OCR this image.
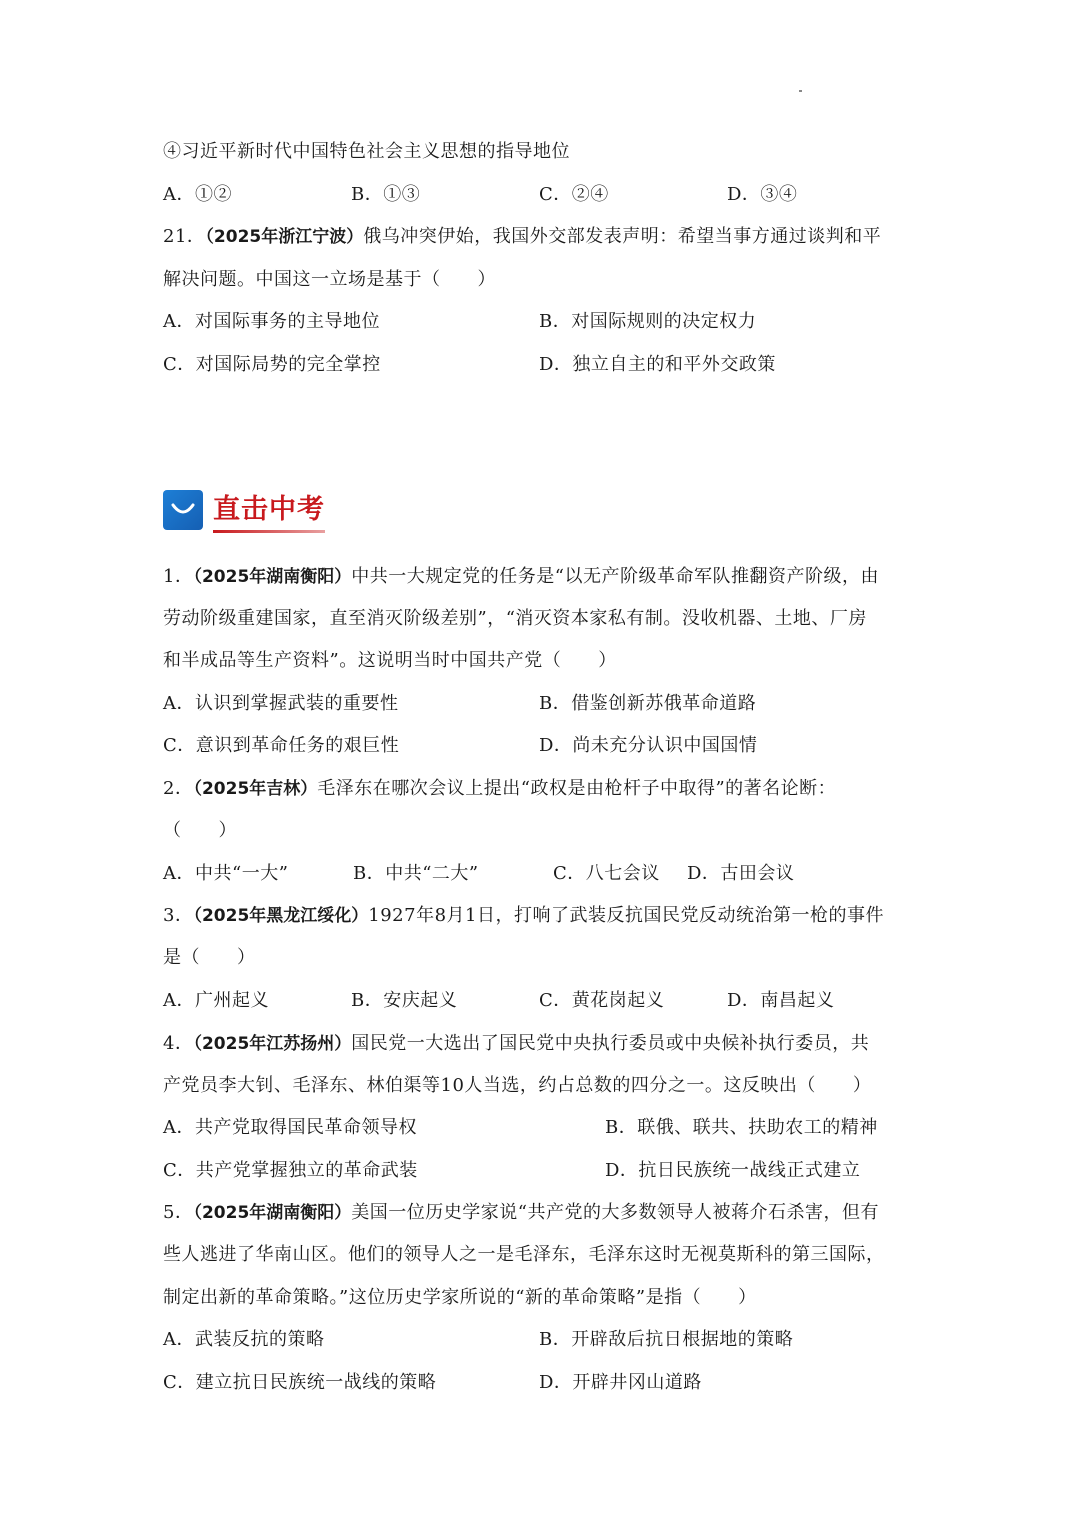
④习近平新时代中国特色社会主义思想的指导地位
A．①②	B．①③	C．②④	D．③④
21．（2025年浙江宁波）俄乌冲突伊始，我国外交部发表声明：希望当事方通过谈判和平
解决问题。中国这一立场是基于（　　）
A．对国际事务的主导地位	B．对国际规则的决定权力
C．对国际局势的完全掌控	D．独立自主的和平外交政策
直击中考
1．（2025年湖南衡阳）中共一大规定党的任务是“以无产阶级革命军队推翻资产阶级，由
劳动阶级重建国家，直至消灭阶级差别”，“消灭资本家私有制。没收机器、土地、厂房
和半成品等生产资料”。这说明当时中国共产党（　　）
A．认识到掌握武装的重要性	B．借鉴创新苏俄革命道路
C．意识到革命任务的艰巨性	D．尚未充分认识中国国情
2．（2025年吉林）毛泽东在哪次会议上提出“政权是由枪杆子中取得”的著名论断：
（　　）
A．中共“一大”	B．中共“二大”	C．八七会议 D．古田会议
3．（2025年黑龙江绥化）1927年8月1日，打响了武装反抗国民党反动统治第一枪的事件
是（　　）
A．广州起义	B．安庆起义	C．黄花岗起义	D．南昌起义
4．（2025年江苏扬州）国民党一大选出了国民党中央执行委员或中央候补执行委员，共
产党员李大钊、毛泽东、林伯渠等10人当选，约占总数的四分之一。这反映出（　　）
A．共产党取得国民革命领导权	B．联俄、联共、扶助农工的精神
C．共产党掌握独立的革命武装	D．抗日民族统一战线正式建立
5．（2025年湖南衡阳）美国一位历史学家说“共产党的大多数领导人被蒋介石杀害，但有
些人逃进了华南山区。他们的领导人之一是毛泽东，毛泽东这时无视莫斯科的第三国际，
制定出新的革命策略。”这位历史学家所说的“新的革命策略”是指（　　）
A．武装反抗的策略	B．开辟敌后抗日根据地的策略
C．建立抗日民族统一战线的策略	D．开辟井冈山道路
